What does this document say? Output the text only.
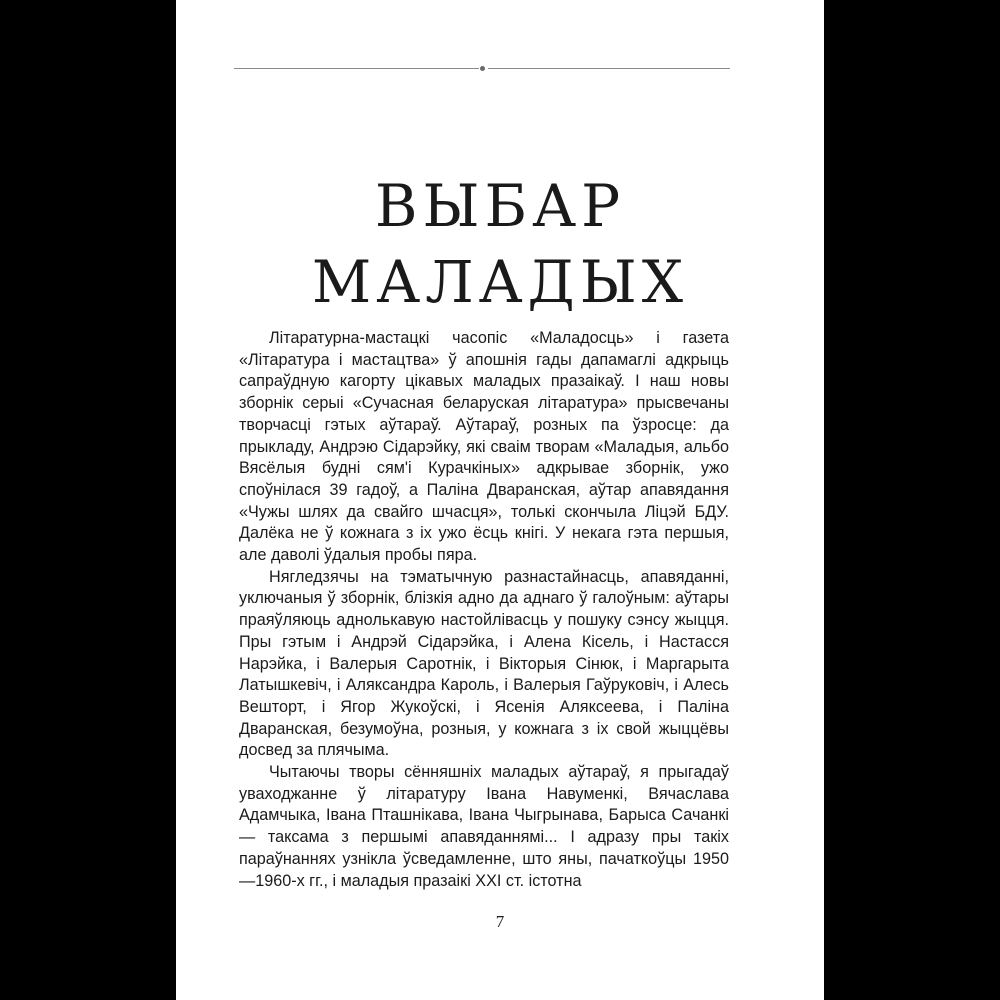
ВЫБАР
МАЛАДЫХ

Літаратурна-мастацкі часопіс «Маладосць» і газета «Літаратура і мастацтва» ў апошнія гады дапамаглі адкрыць сапраўдную кагорту цікавых маладых празаікаў. І наш новы зборнік серыі «Сучасная беларуская літаратура» прысвечаны творчасці гэтых аўтараў. Аўтараў, розных па ўзросце: да прыкладу, Андрэю Сідарэйку, які сваім творам «Маладыя, альбо Вясёлыя будні сям'і Курачкіных» адкрывае зборнік, ужо споўнілася 39 гадоў, а Паліна Дваранская, аўтар апавядання «Чужы шлях да свайго шчасця», толькі скончыла Ліцэй БДУ. Далёка не ў кожнага з іх ужо ёсць кнігі. У некага гэта першыя, але даволі ўдалыя пробы пяра.

Нягледзячы на тэматычную разнастайнасць, апавяданні, уключаныя ў зборнік, блізкія адно да аднаго ў галоўным: аўтары праяўляюць аднолькавую настойлівасць у пошуку сэнсу жыцця. Пры гэтым і Андрэй Сідарэйка, і Алена Кісель, і Настасся Нарэйка, і Валерыя Саротнік, і Вікторыя Сінюк, і Маргарыта Латышкевіч, і Аляксандра Кароль, і Валерыя Гаўруковіч, і Алесь Вешторт, і Ягор Жукоўскі, і Ясенія Аляксеева, і Паліна Дваранская, безумоўна, розныя, у кожнага з іх свой жыццёвы досвед за плячыма.

Чытаючы творы сённяшніх маладых аўтараў, я прыгадаў уваходжанне ў літаратуру Івана Навуменкі, Вячаслава Адамчыка, Івана Пташнікава, Івана Чыгрынава, Барыса Сачанкі — таксама з першымі апавяданнямі... І адразу пры такіх параўнаннях узнікла ўсведамленне, што яны, пачаткоўцы 1950—1960-х гг., і маладыя празаікі ХХІ ст. істотна

7
